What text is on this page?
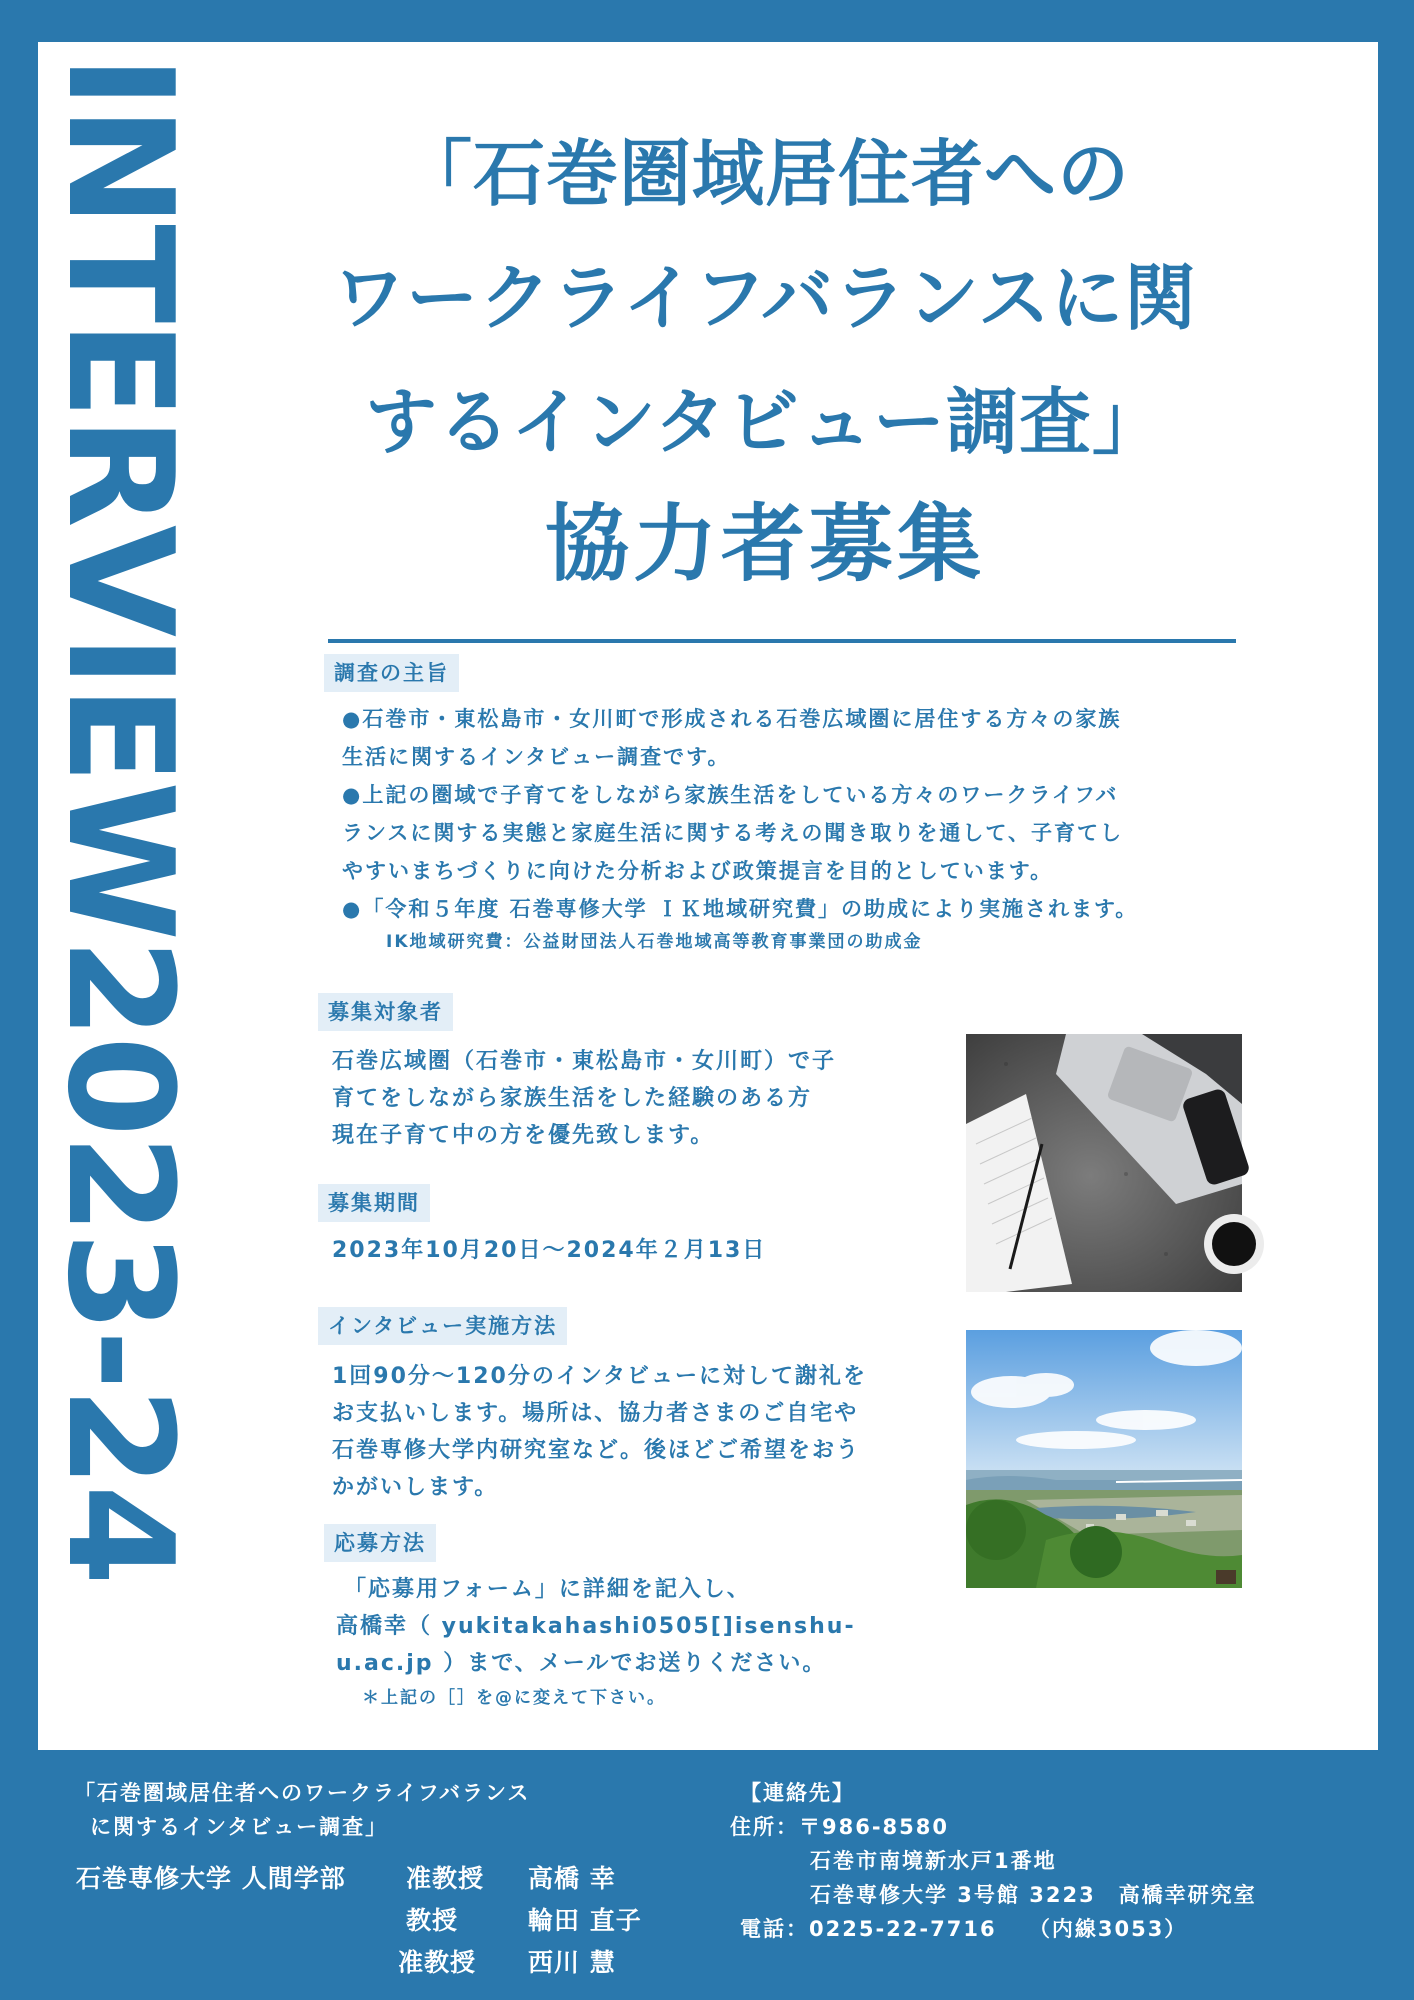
INTERVIEW2023-24	「石巻圏域居住者への
ワークライフバランスに関
するインタビュー調査」
協力者募集
調査の主旨
●石巻市・東松島市・女川町で形成される石巻広域圏に居住する方々の家族
生活に関するインタビュー調査です。
●上記の圏域で子育てをしながら家族生活をしている方々のワークライフバ
ランスに関する実態と家庭生活に関する考えの聞き取りを通して、子育てし
やすいまちづくりに向けた分析および政策提言を目的としています。
●「令和５年度 石巻専修大学 ＩＫ地域研究費」の助成により実施されます。
IK地域研究費：公益財団法人石巻地域高等教育事業団の助成金
募集対象者
石巻広域圏（石巻市・東松島市・女川町）で子
育てをしながら家族生活をした経験のある方
現在子育て中の方を優先致します。
募集期間
2023年10月20日～2024年２月13日
インタビュー実施方法
1回90分～120分のインタビューに対して謝礼を
お支払いします。場所は、協力者さまのご自宅や
石巻専修大学内研究室など。後ほどご希望をおう
かがいします。
応募方法
「応募用フォーム」に詳細を記入し、
高橋幸（ yukitakahashi0505[]isenshu-
u.ac.jp ）まで、メールでお送りください。
＊上記の［］を@に変えて下さい。
「石巻圏域居住者へのワークライフバランス
に関するインタビュー調査」
石巻専修大学 人間学部 准教授
教授
准教授
高橋 幸
輪田 直子
西川 慧
【連絡先】
住所：〒986-8580
石巻市南境新水戸1番地
石巻専修大学 3号館 3223　高橋幸研究室
電話：0225-22-7716　 （内線3053）
